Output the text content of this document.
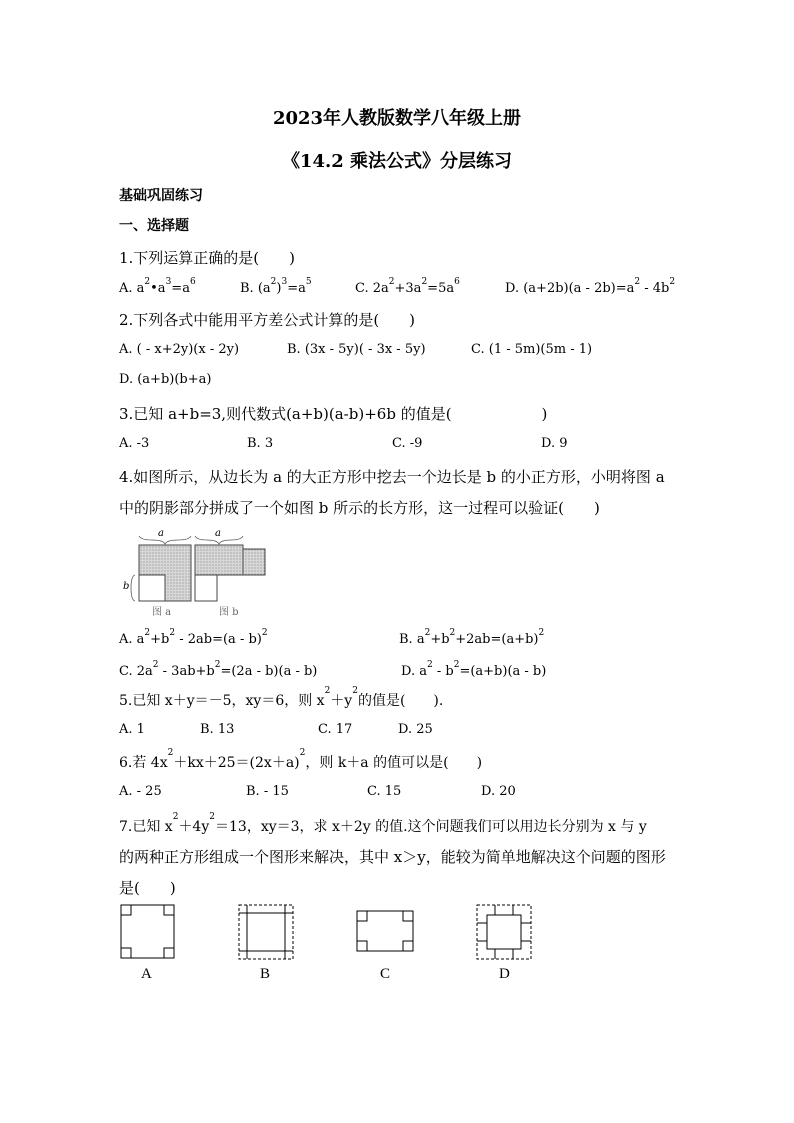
2023年人教版数学八年级上册
《14.2 乘法公式》分层练习
基础巩固练习
一、选择题
1.下列运算正确的是(　　)
A. $a^2•a^3=a^6$	B. $(a^2)^3=a^5$	C. $2a^2+3a^2=5a^6$	D. $(a+2b)(a - 2b)=a^2 - 4b^2$
2.下列各式中能用平方差公式计算的是(　　)
A. ( - x+2y)(x - 2y)	B. (3x - 5y)( - 3x - 5y)	C. (1 - 5m)(5m - 1)
D. (a+b)(b+a)
3.已知 a+b=3,则代数式(a+b)(a-b)+6b 的值是(　　　　　　)
A. -3	B. 3	C. -9	D. 9
4.如图所示，从边长为 a 的大正方形中挖去一个边长是 b 的小正方形，小明将图 a
中的阴影部分拼成了一个如图 b 所示的长方形，这一过程可以验证(　　)
a	a
b
图 a	图 b
A. $a^2+b^2 - 2ab=(a - b)^2$	B. $a^2+b^2+2ab=(a+b)^2$
C. $2a^2 - 3ab+b^2=(2a - b)(a - b)$	D. $a^2 - b^2=(a+b)(a - b)$
5.已知 x＋y＝－5，xy＝6，则 $x^2+y^2$的值是(　　).
A. 1	B. 13	C. 17	D. 25
6.若 $4x^2+kx+25=(2x+a)^2$，则 k＋a 的值可以是(　　)
A. - 25	B. - 15	C. 15	D. 20
7.已知 $x^2+4y^2=13$，xy＝3，求 x＋2y 的值.这个问题我们可以用边长分别为 x 与 y
的两种正方形组成一个图形来解决，其中 x＞y，能较为简单地解决这个问题的图形
是(　　)
A	B	C	D
